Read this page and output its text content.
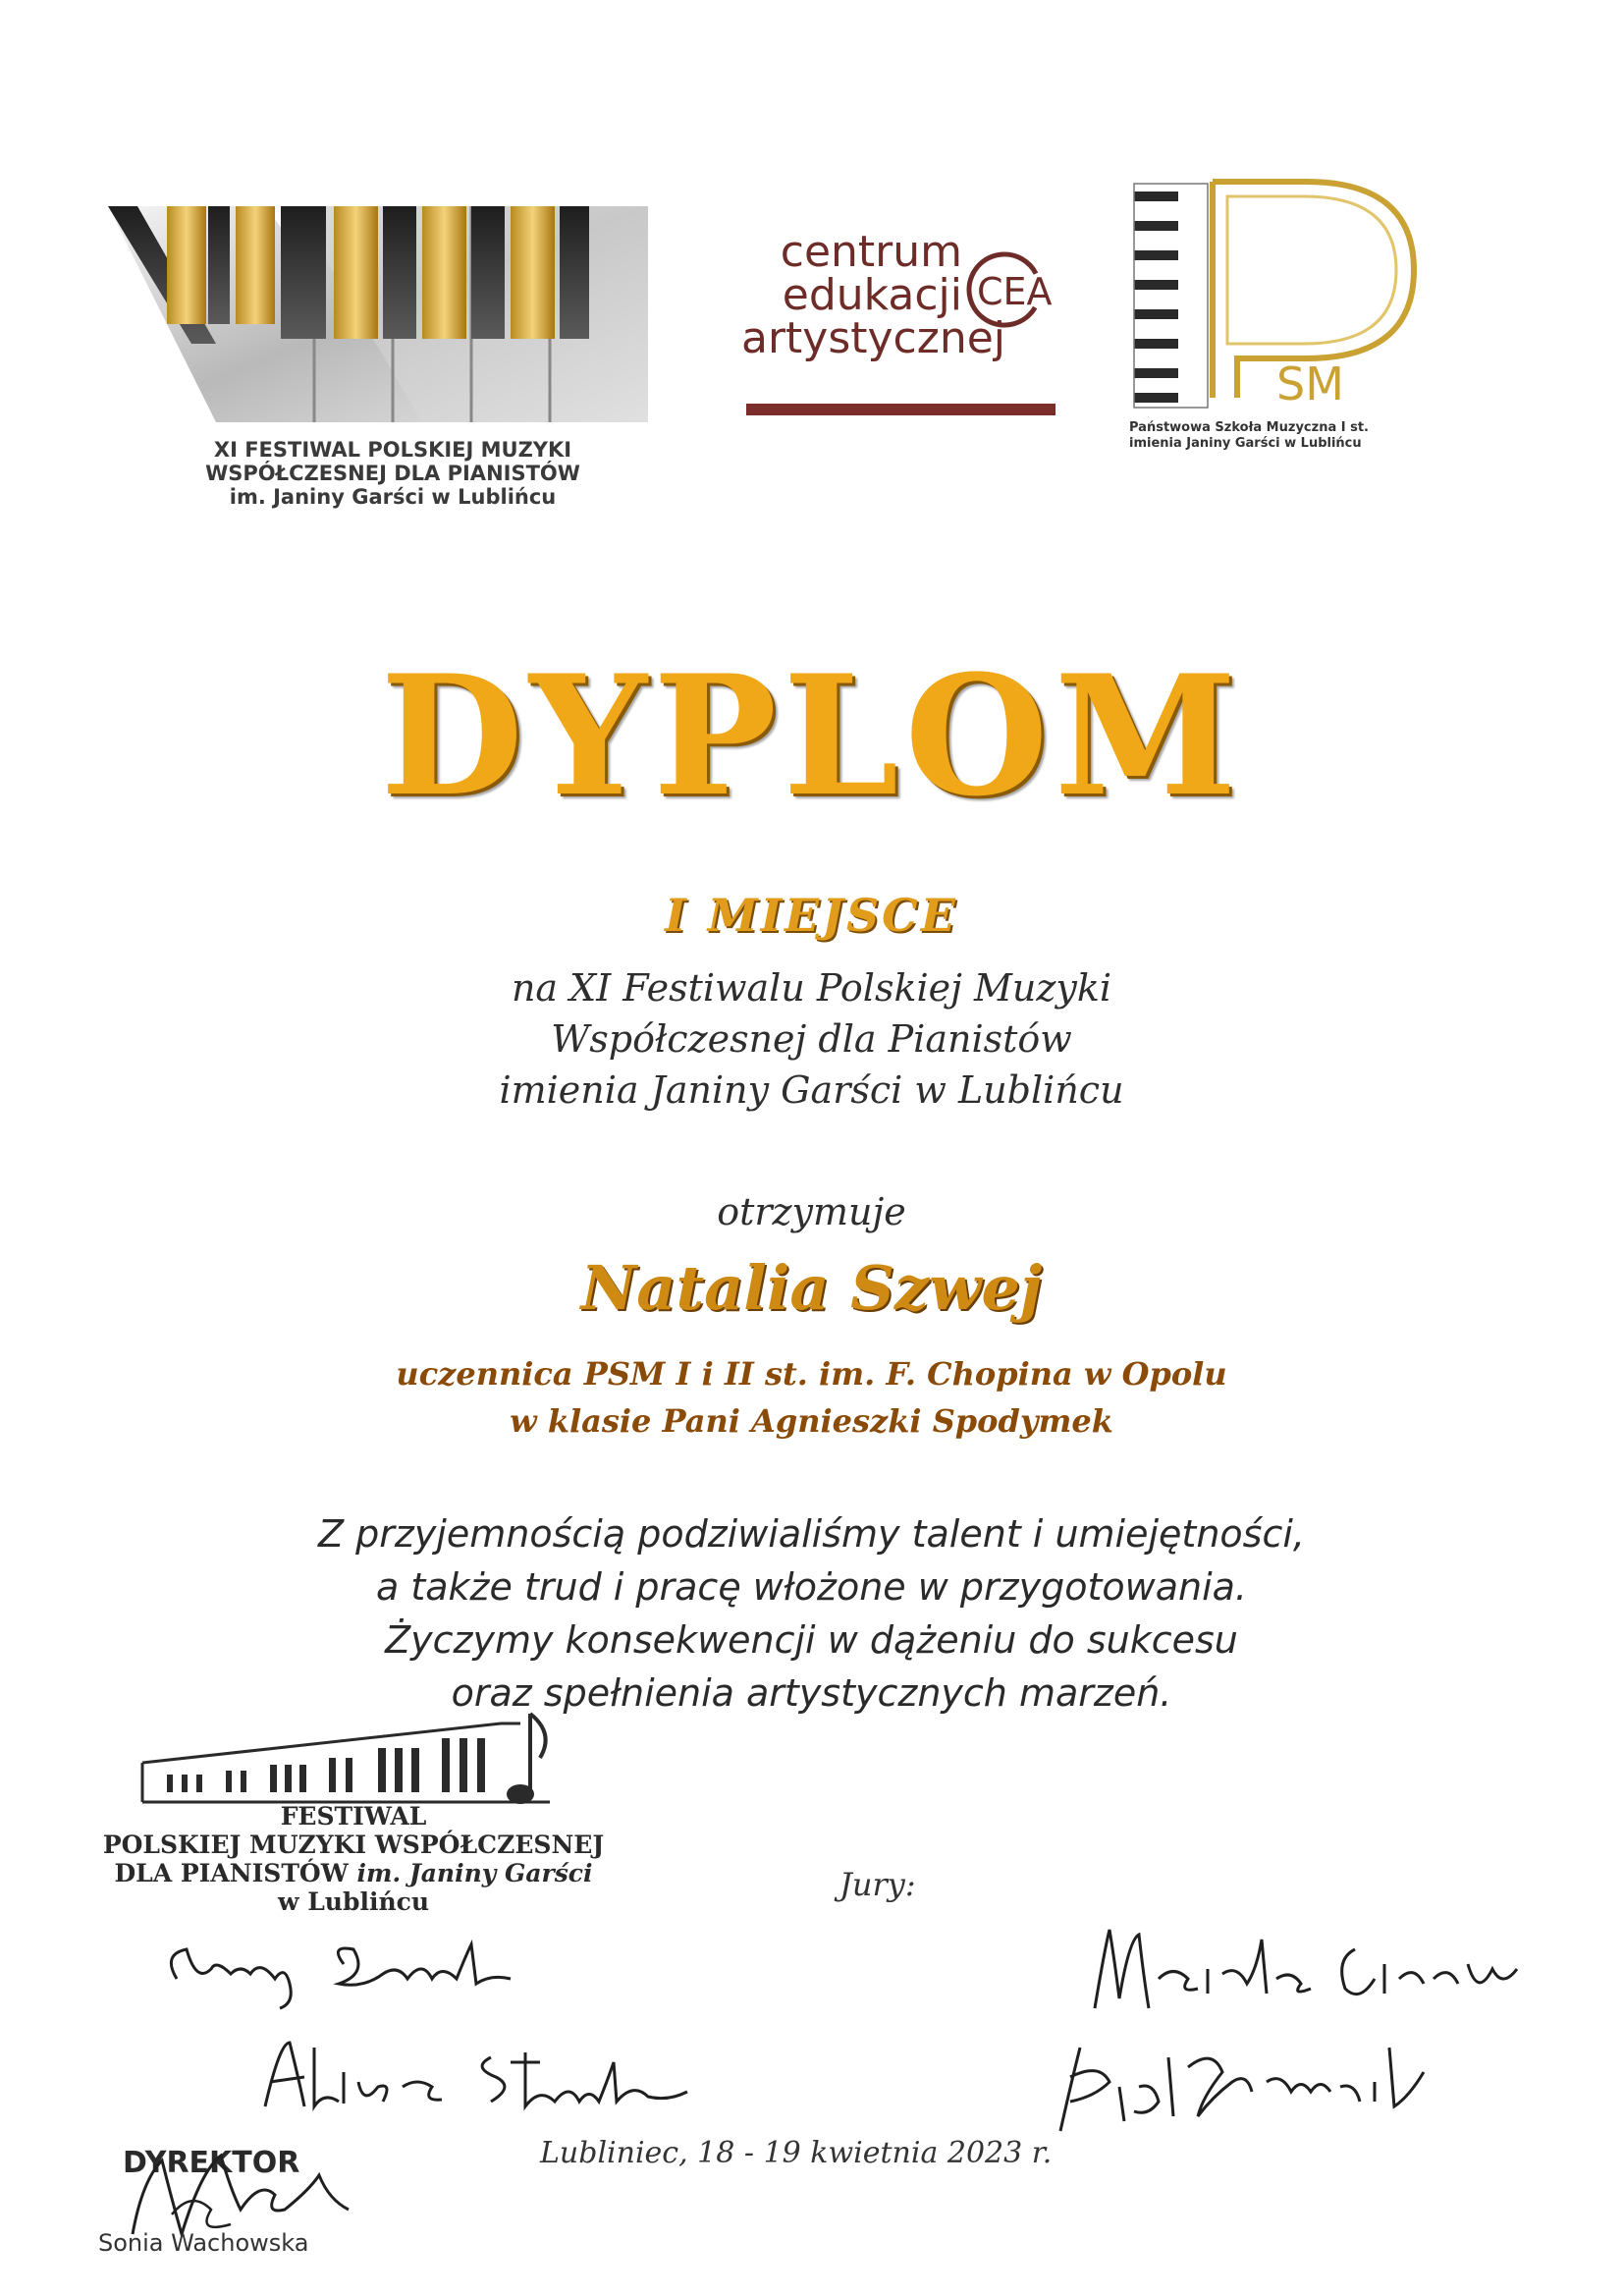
XI FESTIWAL POLSKIEJ MUZYKI
WSPÓŁCZESNEJ DLA PIANISTÓW
im. Janiny Garści w Lublińcu
centrum
edukacji
artystycznej
CEA
SM
Państwowa Szkoła Muzyczna I st.
imienia Janiny Garści w Lublińcu
DYPLOM
I MIEJSCE
na XI Festiwalu Polskiej Muzyki
Współczesnej dla Pianistów
imienia Janiny Garści w Lublińcu
otrzymuje
Natalia Szwej
uczennica PSM I i II st. im. F. Chopina w Opolu
w klasie Pani Agnieszki Spodymek
Z przyjemnością podziwialiśmy talent i umiejętności,
a także trud i pracę włożone w przygotowania.
Życzymy konsekwencji w dążeniu do sukcesu
oraz spełnienia artystycznych marzeń.
FESTIWAL
POLSKIEJ MUZYKI WSPÓŁCZESNEJ
DLA PIANISTÓW im. Janiny Garści
w Lublińcu	Jury:
Lubliniec, 18 - 19 kwietnia 2023 r.
DYREKTOR
Sonia Wachowska
